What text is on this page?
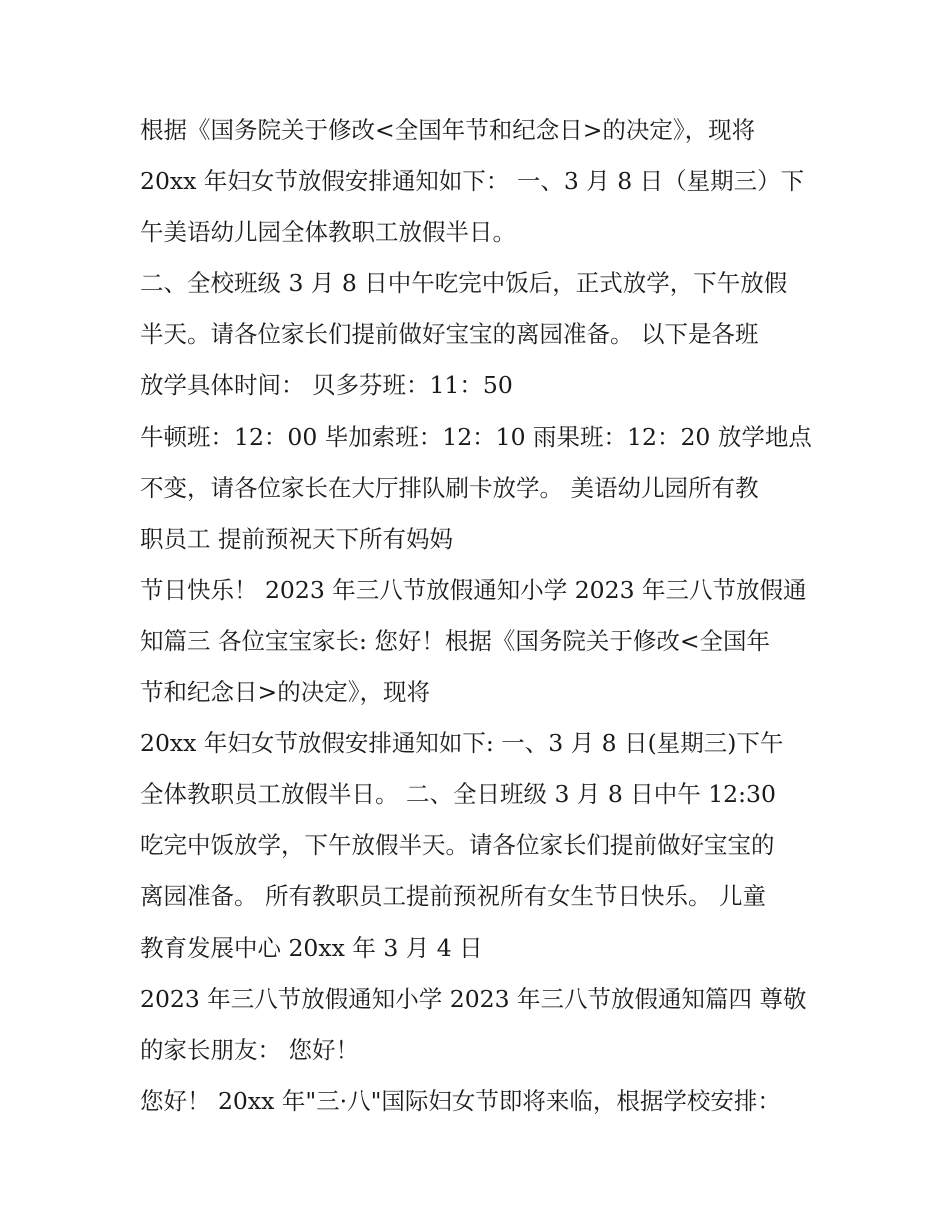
根据《国务院关于修改<全国年节和纪念日>的决定》，现将
20xx 年妇女节放假安排通知如下： 一、3 月 8 日（星期三）下
午美语幼儿园全体教职工放假半日。
二、全校班级 3 月 8 日中午吃完中饭后，正式放学，下午放假
半天。请各位家长们提前做好宝宝的离园准备。 以下是各班
放学具体时间： 贝多芬班：11：50
牛顿班：12：00 毕加索班：12：10 雨果班：12：20 放学地点
不变，请各位家长在大厅排队刷卡放学。 美语幼儿园所有教
职员工 提前预祝天下所有妈妈
节日快乐！ 2023 年三八节放假通知小学 2023 年三八节放假通
知篇三 各位宝宝家长: 您好！根据《国务院关于修改<全国年
节和纪念日>的决定》，现将
20xx 年妇女节放假安排通知如下: 一、3 月 8 日(星期三)下午
全体教职员工放假半日。 二、全日班级 3 月 8 日中午 12:30
吃完中饭放学，下午放假半天。请各位家长们提前做好宝宝的
离园准备。 所有教职员工提前预祝所有女生节日快乐。 儿童
教育发展中心 20xx 年 3 月 4 日
2023 年三八节放假通知小学 2023 年三八节放假通知篇四 尊敬
的家长朋友： 您好！
您好！ 20xx 年"三·八"国际妇女节即将来临，根据学校安排：
